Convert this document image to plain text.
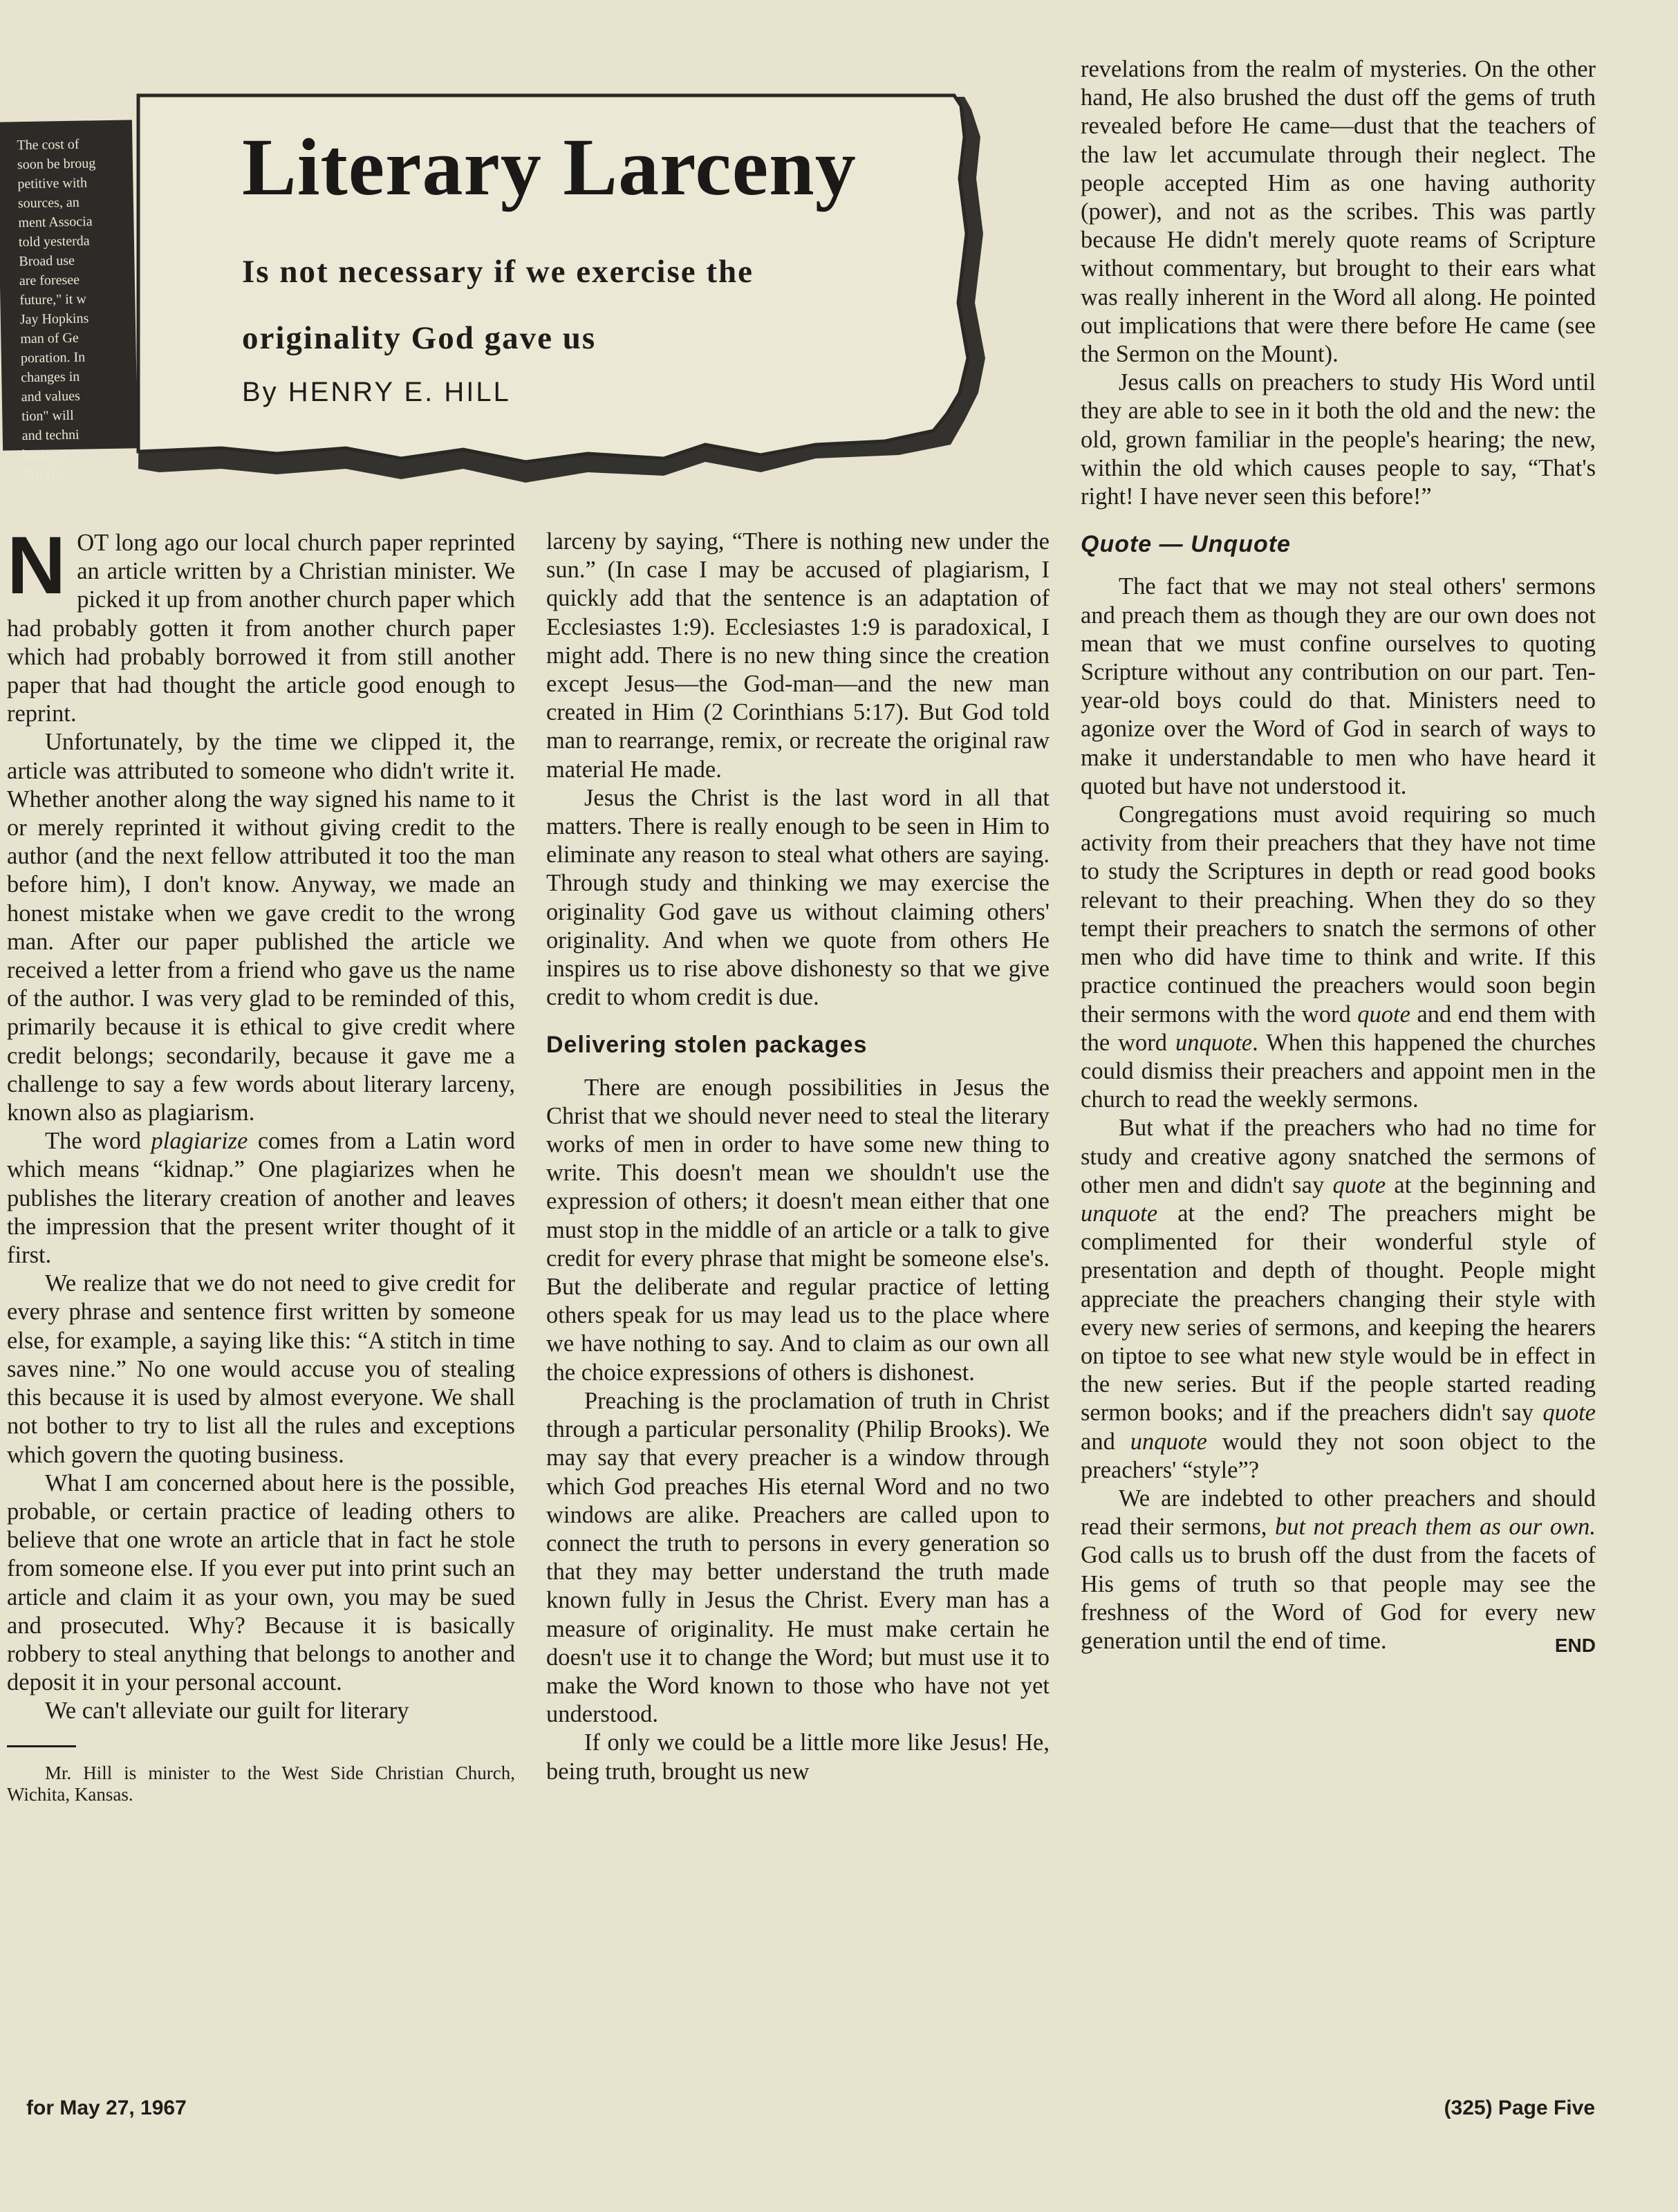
The cost of
soon be broug
petitive with
sources, an
ment Associa
told yesterda
Broad use
are foresee
future," it w
Jay Hopkins
man of Ge
poration. In
changes in
and values
tion" will
and techni
business r
Mr. Ho
Literary Larceny

Is not necessary if we exercise the originality God gave us

By HENRY E. HILL

NOT long ago our local church paper reprinted an article written by a Christian minister. We picked it up from another church paper which had probably gotten it from another church paper which had probably borrowed it from still another paper that had thought the article good enough to reprint.

Unfortunately, by the time we clipped it, the article was attributed to someone who didn't write it. Whether another along the way signed his name to it or merely reprinted it without giving credit to the author (and the next fellow attributed it too the man before him), I don't know. Anyway, we made an honest mistake when we gave credit to the wrong man. After our paper published the article we received a letter from a friend who gave us the name of the author. I was very glad to be reminded of this, primarily because it is ethical to give credit where credit belongs; secondarily, because it gave me a challenge to say a few words about literary larceny, known also as plagiarism.

The word plagiarize comes from a Latin word which means “kidnap.” One plagiarizes when he publishes the literary creation of another and leaves the impression that the present writer thought of it first.

We realize that we do not need to give credit for every phrase and sentence first written by someone else, for example, a saying like this: “A stitch in time saves nine.” No one would accuse you of stealing this because it is used by almost everyone. We shall not bother to try to list all the rules and exceptions which govern the quoting business.

What I am concerned about here is the possible, probable, or certain practice of leading others to believe that one wrote an article that in fact he stole from someone else. If you ever put into print such an article and claim it as your own, you may be sued and prosecuted. Why? Because it is basically robbery to steal anything that belongs to another and deposit it in your personal account.

We can't alleviate our guilt for literary

Mr. Hill is minister to the West Side Christian Church, Wichita, Kansas.

larceny by saying, “There is nothing new under the sun.” (In case I may be accused of plagiarism, I quickly add that the sentence is an adaptation of Ecclesiastes 1:9). Ecclesiastes 1:9 is paradoxical, I might add. There is no new thing since the creation except Jesus—the God-man—and the new man created in Him (2 Corinthians 5:17). But God told man to rearrange, remix, or recreate the original raw material He made.

Jesus the Christ is the last word in all that matters. There is really enough to be seen in Him to eliminate any reason to steal what others are saying. Through study and thinking we may exercise the originality God gave us without claiming others' originality. And when we quote from others He inspires us to rise above dishonesty so that we give credit to whom credit is due.

Delivering stolen packages

There are enough possibilities in Jesus the Christ that we should never need to steal the literary works of men in order to have some new thing to write. This doesn't mean we shouldn't use the expression of others; it doesn't mean either that one must stop in the middle of an article or a talk to give credit for every phrase that might be someone else's. But the deliberate and regular practice of letting others speak for us may lead us to the place where we have nothing to say. And to claim as our own all the choice expressions of others is dishonest.

Preaching is the proclamation of truth in Christ through a particular personality (Philip Brooks). We may say that every preacher is a window through which God preaches His eternal Word and no two windows are alike. Preachers are called upon to connect the truth to persons in every generation so that they may better understand the truth made known fully in Jesus the Christ. Every man has a measure of originality. He must make certain he doesn't use it to change the Word; but must use it to make the Word known to those who have not yet understood.

If only we could be a little more like Jesus! He, being truth, brought us new

revelations from the realm of mysteries. On the other hand, He also brushed the dust off the gems of truth revealed before He came—dust that the teachers of the law let accumulate through their neglect. The people accepted Him as one having authority (power), and not as the scribes. This was partly because He didn't merely quote reams of Scripture without commentary, but brought to their ears what was really inherent in the Word all along. He pointed out implications that were there before He came (see the Sermon on the Mount).

Jesus calls on preachers to study His Word until they are able to see in it both the old and the new: the old, grown familiar in the people's hearing; the new, within the old which causes people to say, “That's right! I have never seen this before!”

Quote — Unquote

The fact that we may not steal others' sermons and preach them as though they are our own does not mean that we must confine ourselves to quoting Scripture without any contribution on our part. Ten-year-old boys could do that. Ministers need to agonize over the Word of God in search of ways to make it understandable to men who have heard it quoted but have not understood it.

Congregations must avoid requiring so much activity from their preachers that they have not time to study the Scriptures in depth or read good books relevant to their preaching. When they do so they tempt their preachers to snatch the sermons of other men who did have time to think and write. If this practice continued the preachers would soon begin their sermons with the word quote and end them with the word unquote. When this happened the churches could dismiss their preachers and appoint men in the church to read the weekly sermons.

But what if the preachers who had no time for study and creative agony snatched the sermons of other men and didn't say quote at the beginning and unquote at the end? The preachers might be complimented for their wonderful style of presentation and depth of thought. People might appreciate the preachers changing their style with every new series of sermons, and keeping the hearers on tiptoe to see what new style would be in effect in the new series. But if the people started reading sermon books; and if the preachers didn't say quote and unquote would they not soon object to the preachers' “style”?

We are indebted to other preachers and should read their sermons, but not preach them as our own. God calls us to brush off the dust from the facets of His gems of truth so that people may see the freshness of the Word of God for every new generation until the end of time.	END

for May 27, 1967	(325) Page Five
